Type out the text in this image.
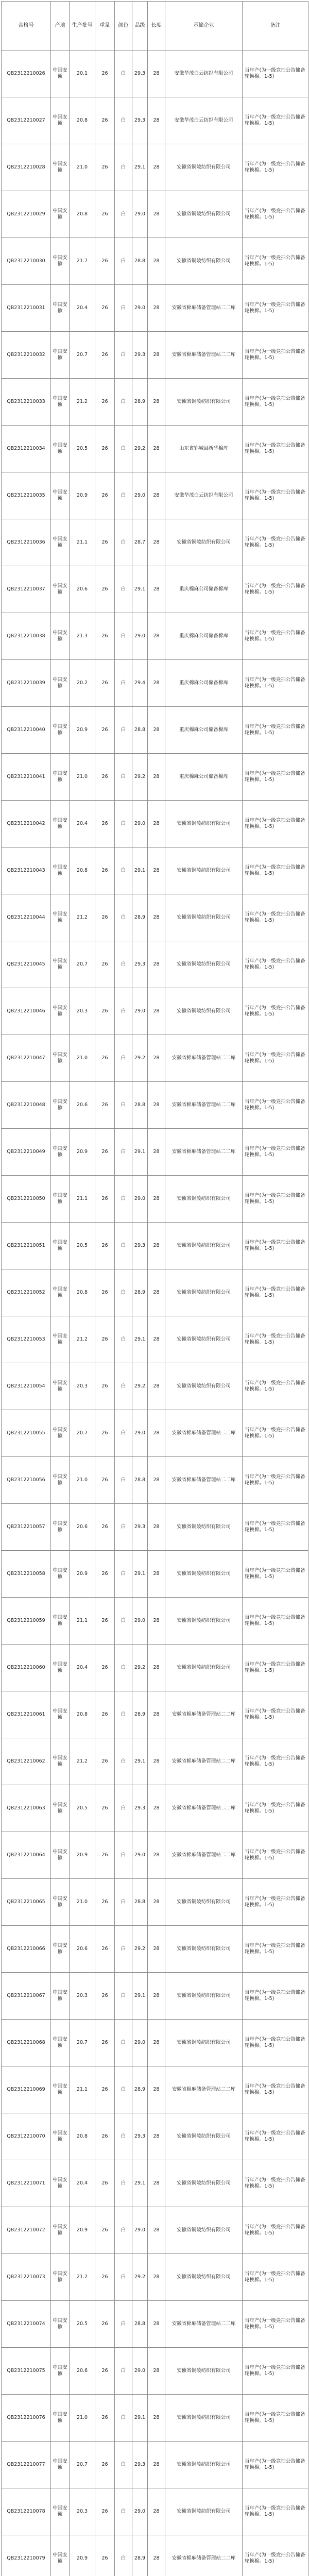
合格号	产地	生产批号	重量	颜色	品级	长度	承储企业	备注
QB2312210026	中国安徽	20.1	26	白	29.3	28	安徽华茂白云纺织有限公司	当年产(为一级竞拍公告储备轮换棉。1-5)
QB2312210027	中国安徽	20.8	26	白	29.3	28	安徽华茂白云纺织有限公司	当年产(为一级竞拍公告储备轮换棉。1-5)
QB2312210028	中国安徽	21.0	26	白	29.1	28	安徽省铜陵纺织有限公司	当年产(为一级竞拍公告储备轮换棉。1-5)
QB2312210029	中国安徽	20.8	26	白	29.0	28	安徽省铜陵纺织有限公司	当年产(为一级竞拍公告储备轮换棉。1-5)
QB2312210030	中国安徽	21.7	26	白	28.8	28	安徽省铜陵纺织有限公司	当年产(为一级竞拍公告储备轮换棉。1-5)
QB2312210031	中国安徽	20.4	26	白	29.0	28	安徽省棉麻储备管理站二二库	当年产(为一级竞拍公告储备轮换棉。1-5)
QB2312210032	中国安徽	20.7	26	白	29.3	28	安徽省棉麻储备管理站二二库	当年产(为一级竞拍公告储备轮换棉。1-5)
QB2312210033	中国安徽	21.2	26	白	28.9	28	安徽省铜陵纺织有限公司	当年产(为一级竞拍公告储备轮换棉。1-5)
QB2312210034	中国安徽	20.5	26	白	29.2	28	山东省郓城县新华棉库	当年产(为一级竞拍公告储备轮换棉。1-5)
QB2312210035	中国安徽	20.9	26	白	29.0	28	安徽华茂白云纺织有限公司	当年产(为一级竞拍公告储备轮换棉。1-5)
QB2312210036	中国安徽	21.1	26	白	28.7	28	安徽省铜陵纺织有限公司	当年产(为一级竞拍公告储备轮换棉。1-5)
QB2312210037	中国安徽	20.6	26	白	29.1	28	重庆棉麻公司储备棉库	当年产(为一级竞拍公告储备轮换棉。1-5)
QB2312210038	中国安徽	21.3	26	白	29.0	28	重庆棉麻公司储备棉库	当年产(为一级竞拍公告储备轮换棉。1-5)
QB2312210039	中国安徽	20.2	26	白	29.4	28	重庆棉麻公司储备棉库	当年产(为一级竞拍公告储备轮换棉。1-5)
QB2312210040	中国安徽	20.9	26	白	28.8	28	重庆棉麻公司储备棉库	当年产(为一级竞拍公告储备轮换棉。1-5)
QB2312210041	中国安徽	21.0	26	白	29.2	28	重庆棉麻公司储备棉库	当年产(为一级竞拍公告储备轮换棉。1-5)
QB2312210042	中国安徽	20.4	26	白	29.0	28	安徽省铜陵纺织有限公司	当年产(为一级竞拍公告储备轮换棉。1-5)
QB2312210043	中国安徽	20.8	26	白	29.1	28	安徽省铜陵纺织有限公司	当年产(为一级竞拍公告储备轮换棉。1-5)
QB2312210044	中国安徽	21.2	26	白	28.9	28	安徽省铜陵纺织有限公司	当年产(为一级竞拍公告储备轮换棉。1-5)
QB2312210045	中国安徽	20.7	26	白	29.3	28	安徽省铜陵纺织有限公司	当年产(为一级竞拍公告储备轮换棉。1-5)
QB2312210046	中国安徽	20.3	26	白	29.0	28	安徽省铜陵纺织有限公司	当年产(为一级竞拍公告储备轮换棉。1-5)
QB2312210047	中国安徽	21.0	26	白	29.2	28	安徽省棉麻储备管理站二二库	当年产(为一级竞拍公告储备轮换棉。1-5)
QB2312210048	中国安徽	20.6	26	白	28.8	28	安徽省棉麻储备管理站二二库	当年产(为一级竞拍公告储备轮换棉。1-5)
QB2312210049	中国安徽	20.9	26	白	29.1	28	安徽省棉麻储备管理站二二库	当年产(为一级竞拍公告储备轮换棉。1-5)
QB2312210050	中国安徽	21.1	26	白	29.0	28	安徽省铜陵纺织有限公司	当年产(为一级竞拍公告储备轮换棉。1-5)
QB2312210051	中国安徽	20.5	26	白	29.3	28	安徽省铜陵纺织有限公司	当年产(为一级竞拍公告储备轮换棉。1-5)
QB2312210052	中国安徽	20.8	26	白	28.9	28	安徽省铜陵纺织有限公司	当年产(为一级竞拍公告储备轮换棉。1-5)
QB2312210053	中国安徽	21.2	26	白	29.1	28	安徽省铜陵纺织有限公司	当年产(为一级竞拍公告储备轮换棉。1-5)
QB2312210054	中国安徽	20.3	26	白	29.2	28	安徽省铜陵纺织有限公司	当年产(为一级竞拍公告储备轮换棉。1-5)
QB2312210055	中国安徽	20.7	26	白	29.0	28	安徽省棉麻储备管理站二二库	当年产(为一级竞拍公告储备轮换棉。1-5)
QB2312210056	中国安徽	21.0	26	白	28.8	28	安徽省棉麻储备管理站二二库	当年产(为一级竞拍公告储备轮换棉。1-5)
QB2312210057	中国安徽	20.6	26	白	29.3	28	安徽省铜陵纺织有限公司	当年产(为一级竞拍公告储备轮换棉。1-5)
QB2312210058	中国安徽	20.9	26	白	29.1	28	安徽省铜陵纺织有限公司	当年产(为一级竞拍公告储备轮换棉。1-5)
QB2312210059	中国安徽	21.1	26	白	29.0	28	安徽省铜陵纺织有限公司	当年产(为一级竞拍公告储备轮换棉。1-5)
QB2312210060	中国安徽	20.4	26	白	29.2	28	安徽省铜陵纺织有限公司	当年产(为一级竞拍公告储备轮换棉。1-5)
QB2312210061	中国安徽	20.8	26	白	28.9	28	安徽省棉麻储备管理站二二库	当年产(为一级竞拍公告储备轮换棉。1-5)
QB2312210062	中国安徽	21.2	26	白	29.1	28	安徽省棉麻储备管理站二二库	当年产(为一级竞拍公告储备轮换棉。1-5)
QB2312210063	中国安徽	20.5	26	白	29.3	28	安徽省棉麻储备管理站二二库	当年产(为一级竞拍公告储备轮换棉。1-5)
QB2312210064	中国安徽	20.9	26	白	29.0	28	安徽省棉麻储备管理站二二库	当年产(为一级竞拍公告储备轮换棉。1-5)
QB2312210065	中国安徽	21.0	26	白	28.8	28	安徽省铜陵纺织有限公司	当年产(为一级竞拍公告储备轮换棉。1-5)
QB2312210066	中国安徽	20.6	26	白	29.2	28	安徽省铜陵纺织有限公司	当年产(为一级竞拍公告储备轮换棉。1-5)
QB2312210067	中国安徽	20.3	26	白	29.1	28	安徽省铜陵纺织有限公司	当年产(为一级竞拍公告储备轮换棉。1-5)
QB2312210068	中国安徽	20.7	26	白	29.0	28	安徽省铜陵纺织有限公司	当年产(为一级竞拍公告储备轮换棉。1-5)
QB2312210069	中国安徽	21.1	26	白	28.9	28	安徽省棉麻储备管理站二二库	当年产(为一级竞拍公告储备轮换棉。1-5)
QB2312210070	中国安徽	20.8	26	白	29.3	28	安徽省铜陵纺织有限公司	当年产(为一级竞拍公告储备轮换棉。1-5)
QB2312210071	中国安徽	20.4	26	白	29.1	28	安徽省铜陵纺织有限公司	当年产(为一级竞拍公告储备轮换棉。1-5)
QB2312210072	中国安徽	20.9	26	白	29.0	28	安徽省铜陵纺织有限公司	当年产(为一级竞拍公告储备轮换棉。1-5)
QB2312210073	中国安徽	21.2	26	白	29.2	28	安徽省铜陵纺织有限公司	当年产(为一级竞拍公告储备轮换棉。1-5)
QB2312210074	中国安徽	20.5	26	白	28.8	28	安徽省棉麻储备管理站二二库	当年产(为一级竞拍公告储备轮换棉。1-5)
QB2312210075	中国安徽	20.6	26	白	29.0	28	安徽省铜陵纺织有限公司	当年产(为一级竞拍公告储备轮换棉。1-5)
QB2312210076	中国安徽	21.0	26	白	29.1	28	安徽省铜陵纺织有限公司	当年产(为一级竞拍公告储备轮换棉。1-5)
QB2312210077	中国安徽	20.7	26	白	29.3	28	安徽省铜陵纺织有限公司	当年产(为一级竞拍公告储备轮换棉。1-5)
QB2312210078	中国安徽	20.3	26	白	29.0	28	安徽省铜陵纺织有限公司	当年产(为一级竞拍公告储备轮换棉。1-5)
QB2312210079	中国安徽	20.9	26	白	28.9	28	安徽省棉麻储备管理站二二库	当年产(为一级竞拍公告储备轮换棉。1-5)
